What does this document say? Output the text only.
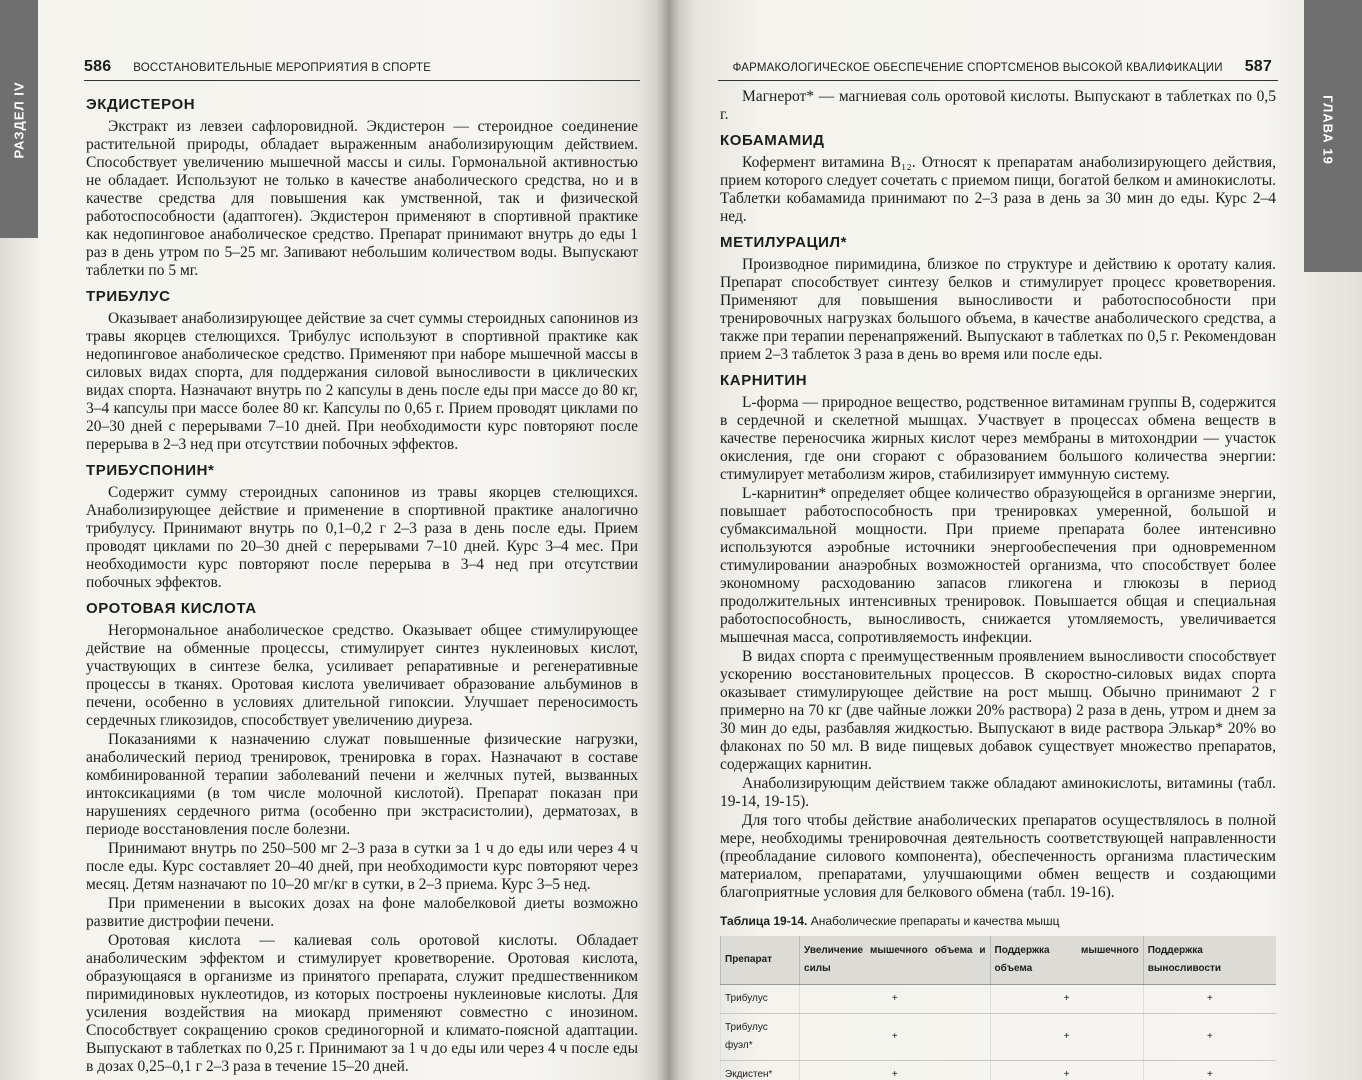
РАЗДЕЛ IV
586 ВОССТАНОВИТЕЛЬНЫЕ МЕРОПРИЯТИЯ В СПОРТЕ
ЭКДИСТЕРОН

Экстракт из левзеи сафлоровидной. Экдистерон — стероидное соединение растительной природы, обладает выраженным анаболизирующим действием. Способствует увеличению мышечной массы и силы. Гормональной активностью не обладает. Используют не только в качестве анаболического средства, но и в качестве средства для повышения как умственной, так и физической работоспособности (адаптоген). Экдистерон применяют в спортивной практике как недопинговое анаболическое средство. Препарат принимают внутрь до еды 1 раз в день утром по 5–25 мг. Запивают небольшим количеством воды. Выпускают таблетки по 5 мг.

ТРИБУЛУС

Оказывает анаболизирующее действие за счет суммы стероидных сапонинов из травы якорцев стелющихся. Трибулус используют в спортивной практике как недопинговое анаболическое средство. Применяют при наборе мышечной массы в силовых видах спорта, для поддержания силовой выносливости в циклических видах спорта. Назначают внутрь по 2 капсулы в день после еды при массе до 80 кг, 3–4 капсулы при массе более 80 кг. Капсулы по 0,65 г. Прием проводят циклами по 20–30 дней с перерывами 7–10 дней. При необходимости курс повторяют после перерыва в 2–3 нед при отсутствии побочных эффектов.

ТРИБУСПОНИН*

Содержит сумму стероидных сапонинов из травы якорцев стелющихся. Анаболизирующее действие и применение в спортивной практике аналогично трибулусу. Принимают внутрь по 0,1–0,2 г 2–3 раза в день после еды. Прием проводят циклами по 20–30 дней с перерывами 7–10 дней. Курс 3–4 мес. При необходимости курс повторяют после перерыва в 3–4 нед при отсутствии побочных эффектов.

ОРОТОВАЯ КИСЛОТА

Негормональное анаболическое средство. Оказывает общее стимулирующее действие на обменные процессы, стимулирует синтез нуклеиновых кислот, участвующих в синтезе белка, усиливает репаративные и регенеративные процессы в тканях. Оротовая кислота увеличивает образование альбуминов в печени, особенно в условиях длительной гипоксии. Улучшает переносимость сердечных гликозидов, способствует увеличению диуреза.

Показаниями к назначению служат повышенные физические нагрузки, анаболический период тренировок, тренировка в горах. Назначают в составе комбинированной терапии заболеваний печени и желчных путей, вызванных интоксикациями (в том числе молочной кислотой). Препарат показан при нарушениях сердечного ритма (особенно при экстрасистолии), дерматозах, в периоде восстановления после болезни.

Принимают внутрь по 250–500 мг 2–3 раза в сутки за 1 ч до еды или через 4 ч после еды. Курс составляет 20–40 дней, при необходимости курс повторяют через месяц. Детям назначают по 10–20 мг/кг в сутки, в 2–3 приема. Курс 3–5 нед.

При применении в высоких дозах на фоне малобелковой диеты возможно развитие дистрофии печени.

Оротовая кислота — калиевая соль оротовой кислоты. Обладает анаболическим эффектом и стимулирует кроветворение. Оротовая кислота, образующаяся в организме из принятого препарата, служит предшественником пиримидиновых нуклеотидов, из которых построены нуклеиновые кислоты. Для усиления воздействия на миокард применяют совместно с инозином. Способствует сокращению сроков срединогорной и климато-поясной адаптации. Выпускают в таблетках по 0,25 г. Принимают за 1 ч до еды или через 4 ч после еды в дозах 0,25–0,1 г 2–3 раза в течение 15–20 дней.

ГЛАВА 19
ФАРМАКОЛОГИЧЕСКОЕ ОБЕСПЕЧЕНИЕ СПОРТСМЕНОВ ВЫСОКОЙ КВАЛИФИКАЦИИ 587

Магнерот* — магниевая соль оротовой кислоты. Выпускают в таблетках по 0,5 г.

КОБАМАМИД

Кофермент витамина B₁₂. Относят к препаратам анаболизирующего действия, прием которого следует сочетать с приемом пищи, богатой белком и аминокислоты. Таблетки кобамамида принимают по 2–3 раза в день за 30 мин до еды. Курс 2–4 нед.

МЕТИЛУРАЦИЛ*

Производное пиримидина, близкое по структуре и действию к оротату калия. Препарат способствует синтезу белков и стимулирует процесс кроветворения. Применяют для повышения выносливости и работоспособности при тренировочных нагрузках большого объема, в качестве анаболического средства, а также при терапии перенапряжений. Выпускают в таблетках по 0,5 г. Рекомендован прием 2–3 таблеток 3 раза в день во время или после еды.

КАРНИТИН

L-форма — природное вещество, родственное витаминам группы B, содержится в сердечной и скелетной мышцах. Участвует в процессах обмена веществ в качестве переносчика жирных кислот через мембраны в митохондрии — участок окисления, где они сгорают с образованием большого количества энергии: стимулирует метаболизм жиров, стабилизирует иммунную систему.

L-карнитин* определяет общее количество образующейся в организме энергии, повышает работоспособность при тренировках умеренной, большой и субмаксимальной мощности. При приеме препарата более интенсивно используются аэробные источники энергообеспечения при одновременном стимулировании анаэробных возможностей организма, что способствует более экономному расходованию запасов гликогена и глюкозы в период продолжительных интенсивных тренировок. Повышается общая и специальная работоспособность, выносливость, снижается утомляемость, увеличивается мышечная масса, сопротивляемость инфекции.

В видах спорта с преимущественным проявлением выносливости способствует ускорению восстановительных процессов. В скоростно-силовых видах спорта оказывает стимулирующее действие на рост мышц. Обычно принимают 2 г примерно на 70 кг (две чайные ложки 20% раствора) 2 раза в день, утром и днем за 30 мин до еды, разбавляя жидкостью. Выпускают в виде раствора Элькар* 20% во флаконах по 50 мл. В виде пищевых добавок существует множество препаратов, содержащих карнитин.

Анаболизирующим действием также обладают аминокислоты, витамины (табл. 19-14, 19-15).

Для того чтобы действие анаболических препаратов осуществлялось в полной мере, необходимы тренировочная деятельность соответствующей направленности (преобладание силового компонента), обеспеченность организма пластическим материалом, препаратами, улучшающими обмен веществ и создающими благоприятные условия для белкового обмена (табл. 19-16).

Таблица 19-14. Анаболические препараты и качества мышц
Препарат	Увеличение мышечного объема и силы	Поддержка мышечного объема	Поддержка выносливости
Трибулус	+	+	+
Трибулус фуэл*	+	+	+
Экдистен*	+	+	+
